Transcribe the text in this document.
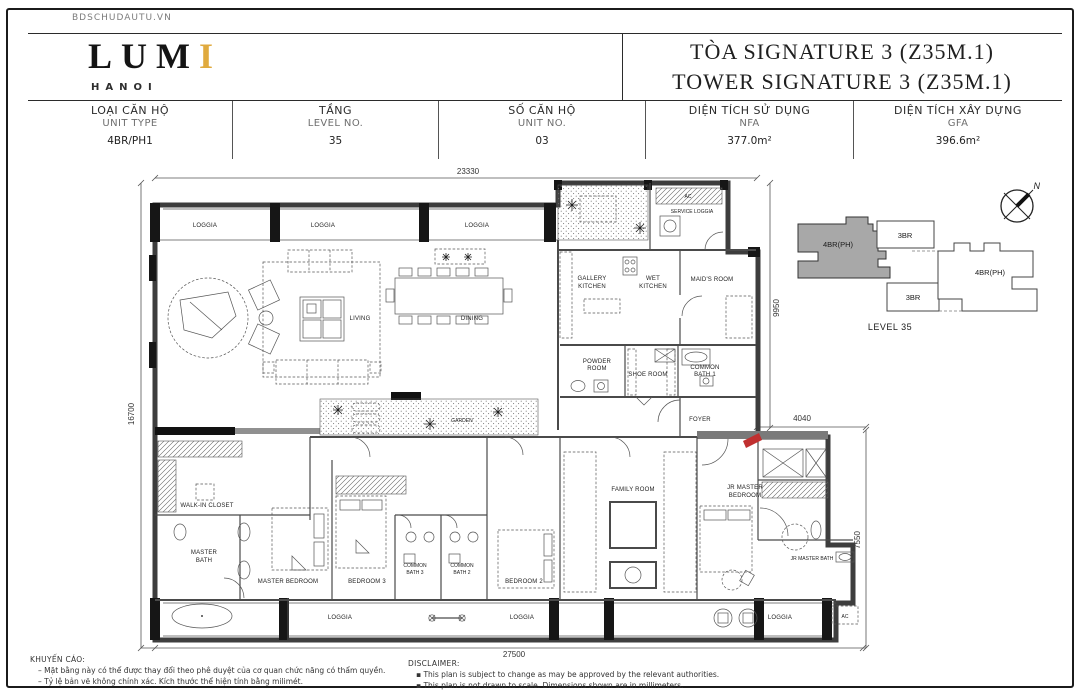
BDSCHUDAUTU.VN
LUMI
HANOI
TÒA SIGNATURE 3 (Z35M.1)
TOWER SIGNATURE 3 (Z35M.1)
LOẠI CĂN HỘ
UNIT TYPE
4BR/PH1
TẦNG
LEVEL NO.
35
SỐ CĂN HỘ
UNIT NO.
03
DIỆN TÍCH SỬ DỤNG
NFA
377.0m²
DIỆN TÍCH XÂY DỰNG
GFA
396.6m²
23330
16700
9950
4040
7550
27500
LOGGIA	LOGGIA	LOGGIA
AC
SERVICE LOGGIA
GALLERY
KITCHEN
WET
KITCHEN
MAID'S ROOM
LIVING	DINING
GARDEN
POWDER
ROOM
SHOE ROOM
COMMON
BATH 1
FOYER
WALK-IN CLOSET
MASTER
BATH
MASTER BEDROOM	BEDROOM 3
COMMON
BATH 3
COMMON
BATH 2
BEDROOM 2
FAMILY ROOM	JR MASTER
BEDROOM
JR MASTER BATH
LOGGIA	LOGGIA	LOGGIA	AC
N
4BR(PH)
3BR
3BR
4BR(PH)
LEVEL 35
KHUYẾN CÁO:
– Mặt bằng này có thể được thay đổi theo phê duyệt của cơ quan chức năng có thẩm quyền.
– Tỷ lệ bản vẽ không chính xác. Kích thước thể hiện tính bằng milimét.
DISCLAIMER:
▪ This plan is subject to change as may be approved by the relevant authorities.
▪ This plan is not drawn to scale. Dimensions shown are in millimeters.
